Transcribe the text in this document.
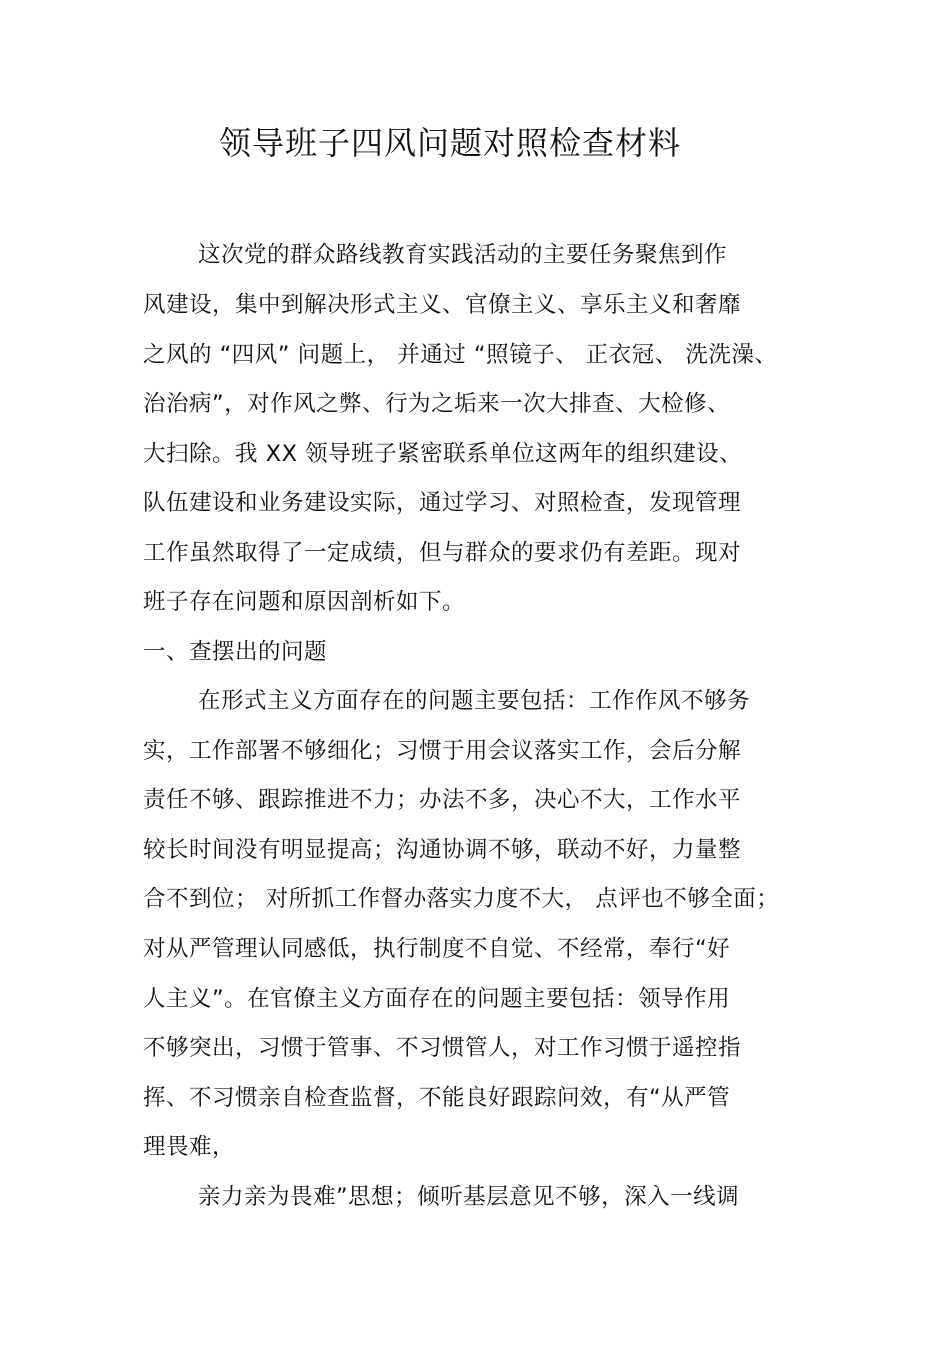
领导班子四风问题对照检查材料
这次党的群众路线教育实践活动的主要任务聚焦到作
风建设，集中到解决形式主义、官僚主义、享乐主义和奢靡
之风的 “四风” 问题上， 并通过 “照镜子、 正衣冠、 洗洗澡、
治治病”，对作风之弊、行为之垢来一次大排查、大检修、
大扫除。我 XX 领导班子紧密联系单位这两年的组织建设、
队伍建设和业务建设实际，通过学习、对照检查，发现管理
工作虽然取得了一定成绩，但与群众的要求仍有差距。现对
班子存在问题和原因剖析如下。
一、查摆出的问题
在形式主义方面存在的问题主要包括：工作作风不够务
实，工作部署不够细化；习惯于用会议落实工作，会后分解
责任不够、跟踪推进不力；办法不多，决心不大，工作水平
较长时间没有明显提高；沟通协调不够，联动不好，力量整
合不到位； 对所抓工作督办落实力度不大， 点评也不够全面；
对从严管理认同感低，执行制度不自觉、不经常，奉行“好
人主义”。在官僚主义方面存在的问题主要包括：领导作用
不够突出，习惯于管事、不习惯管人，对工作习惯于遥控指
挥、不习惯亲自检查监督，不能良好跟踪问效，有“从严管
理畏难，
亲力亲为畏难”思想；倾听基层意见不够，深入一线调
